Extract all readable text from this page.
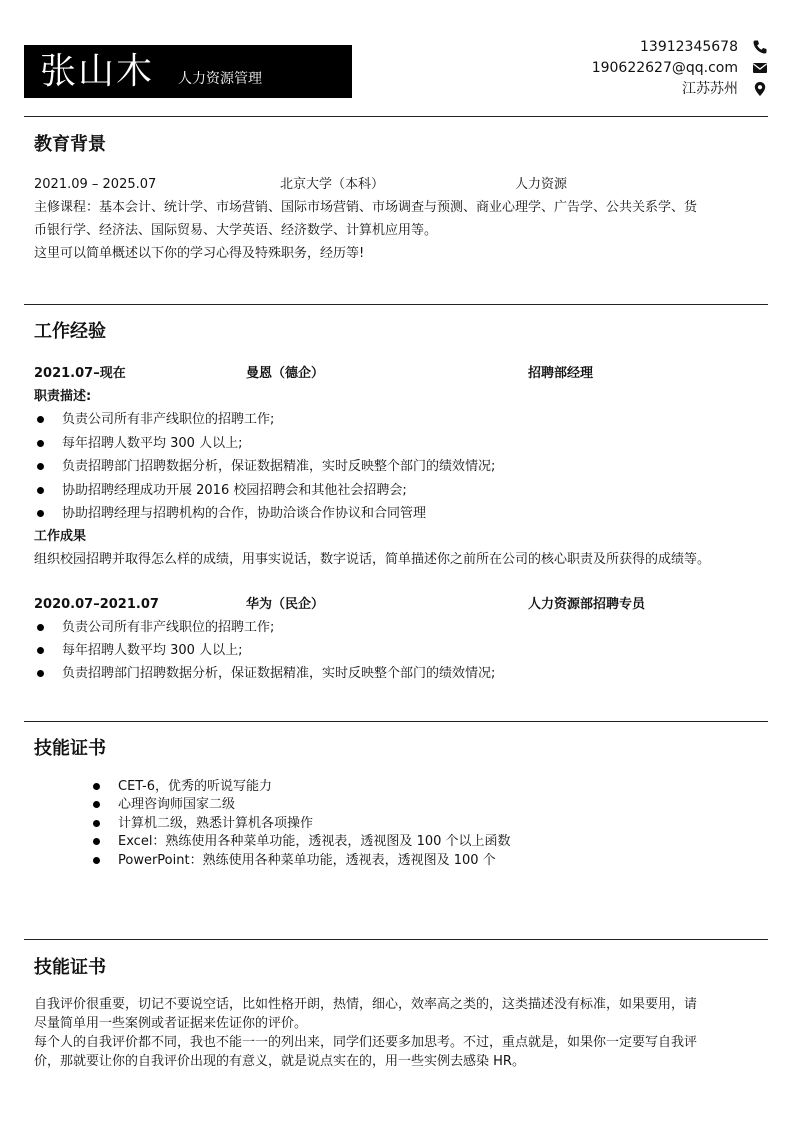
张山木 人力资源管理
13912345678
190622627@qq.com
江苏苏州
教育背景
2021.09 – 2025.07	北京大学（本科）	人力资源
主修课程：基本会计、统计学、市场营销、国际市场营销、市场调查与预测、商业心理学、广告学、公共关系学、货
币银行学、经济法、国际贸易、大学英语、经济数学、计算机应用等。
这里可以简单概述以下你的学习心得及特殊职务，经历等!
工作经验
2021.07–现在	曼恩（德企）	招聘部经理
职责描述:
负责公司所有非产线职位的招聘工作;
每年招聘人数平均 300 人以上;
负责招聘部门招聘数据分析，保证数据精准，实时反映整个部门的绩效情况;
协助招聘经理成功开展 2016 校园招聘会和其他社会招聘会;
协助招聘经理与招聘机构的合作，协助洽谈合作协议和合同管理
工作成果
组织校园招聘并取得怎么样的成绩，用事实说话，数字说话，简单描述你之前所在公司的核心职责及所获得的成绩等。
2020.07–2021.07	华为（民企）	人力资源部招聘专员
负责公司所有非产线职位的招聘工作;
每年招聘人数平均 300 人以上;
负责招聘部门招聘数据分析，保证数据精准，实时反映整个部门的绩效情况;
技能证书
CET-6，优秀的听说写能力
心理咨询师国家二级
计算机二级，熟悉计算机各项操作
Excel：熟练使用各种菜单功能，透视表，透视图及 100 个以上函数
PowerPoint：熟练使用各种菜单功能，透视表，透视图及 100 个
技能证书
自我评价很重要，切记不要说空话，比如性格开朗，热情，细心，效率高之类的，这类描述没有标准，如果要用，请
尽量简单用一些案例或者证据来佐证你的评价。
每个人的自我评价都不同，我也不能一一的列出来，同学们还要多加思考。不过，重点就是，如果你一定要写自我评
价，那就要让你的自我评价出现的有意义，就是说点实在的，用一些实例去感染 HR。
